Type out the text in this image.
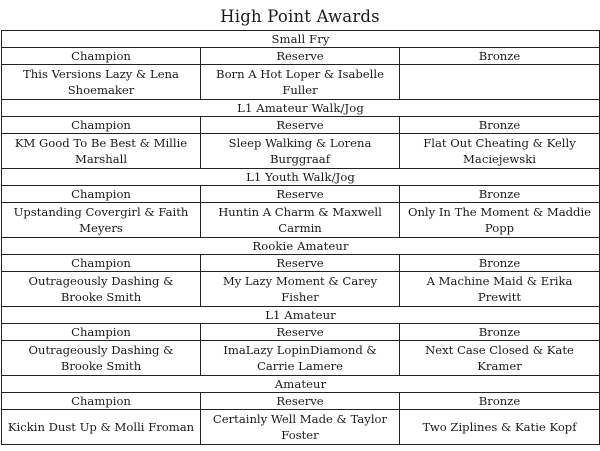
High Point Awards
Small Fry		
Champion	Reserve	Bronze
This Versions Lazy & Lena Shoemaker	Born A Hot Loper & Isabelle Fuller	
L1 Amateur Walk/Jog		
Champion	Reserve	Bronze
KM Good To Be Best & Millie Marshall	Sleep Walking & Lorena Burggraaf	Flat Out Cheating & Kelly Maciejewski
L1 Youth Walk/Jog		
Champion	Reserve	Bronze
Upstanding Covergirl & Faith Meyers	Huntin A Charm & Maxwell Carmin	Only In The Moment & Maddie Popp
Rookie Amateur		
Champion	Reserve	Bronze
Outrageously Dashing & Brooke Smith	My Lazy Moment & Carey Fisher	A Machine Maid & Erika Prewitt
L1 Amateur		
Champion	Reserve	Bronze
Outrageously Dashing & Brooke Smith	ImaLazy LopinDiamond & Carrie Lamere	Next Case Closed & Kate Kramer
Amateur		
Champion	Reserve	Bronze
Kickin Dust Up & Molli Froman	Certainly Well Made & Taylor Foster	Two Ziplines & Katie Kopf
